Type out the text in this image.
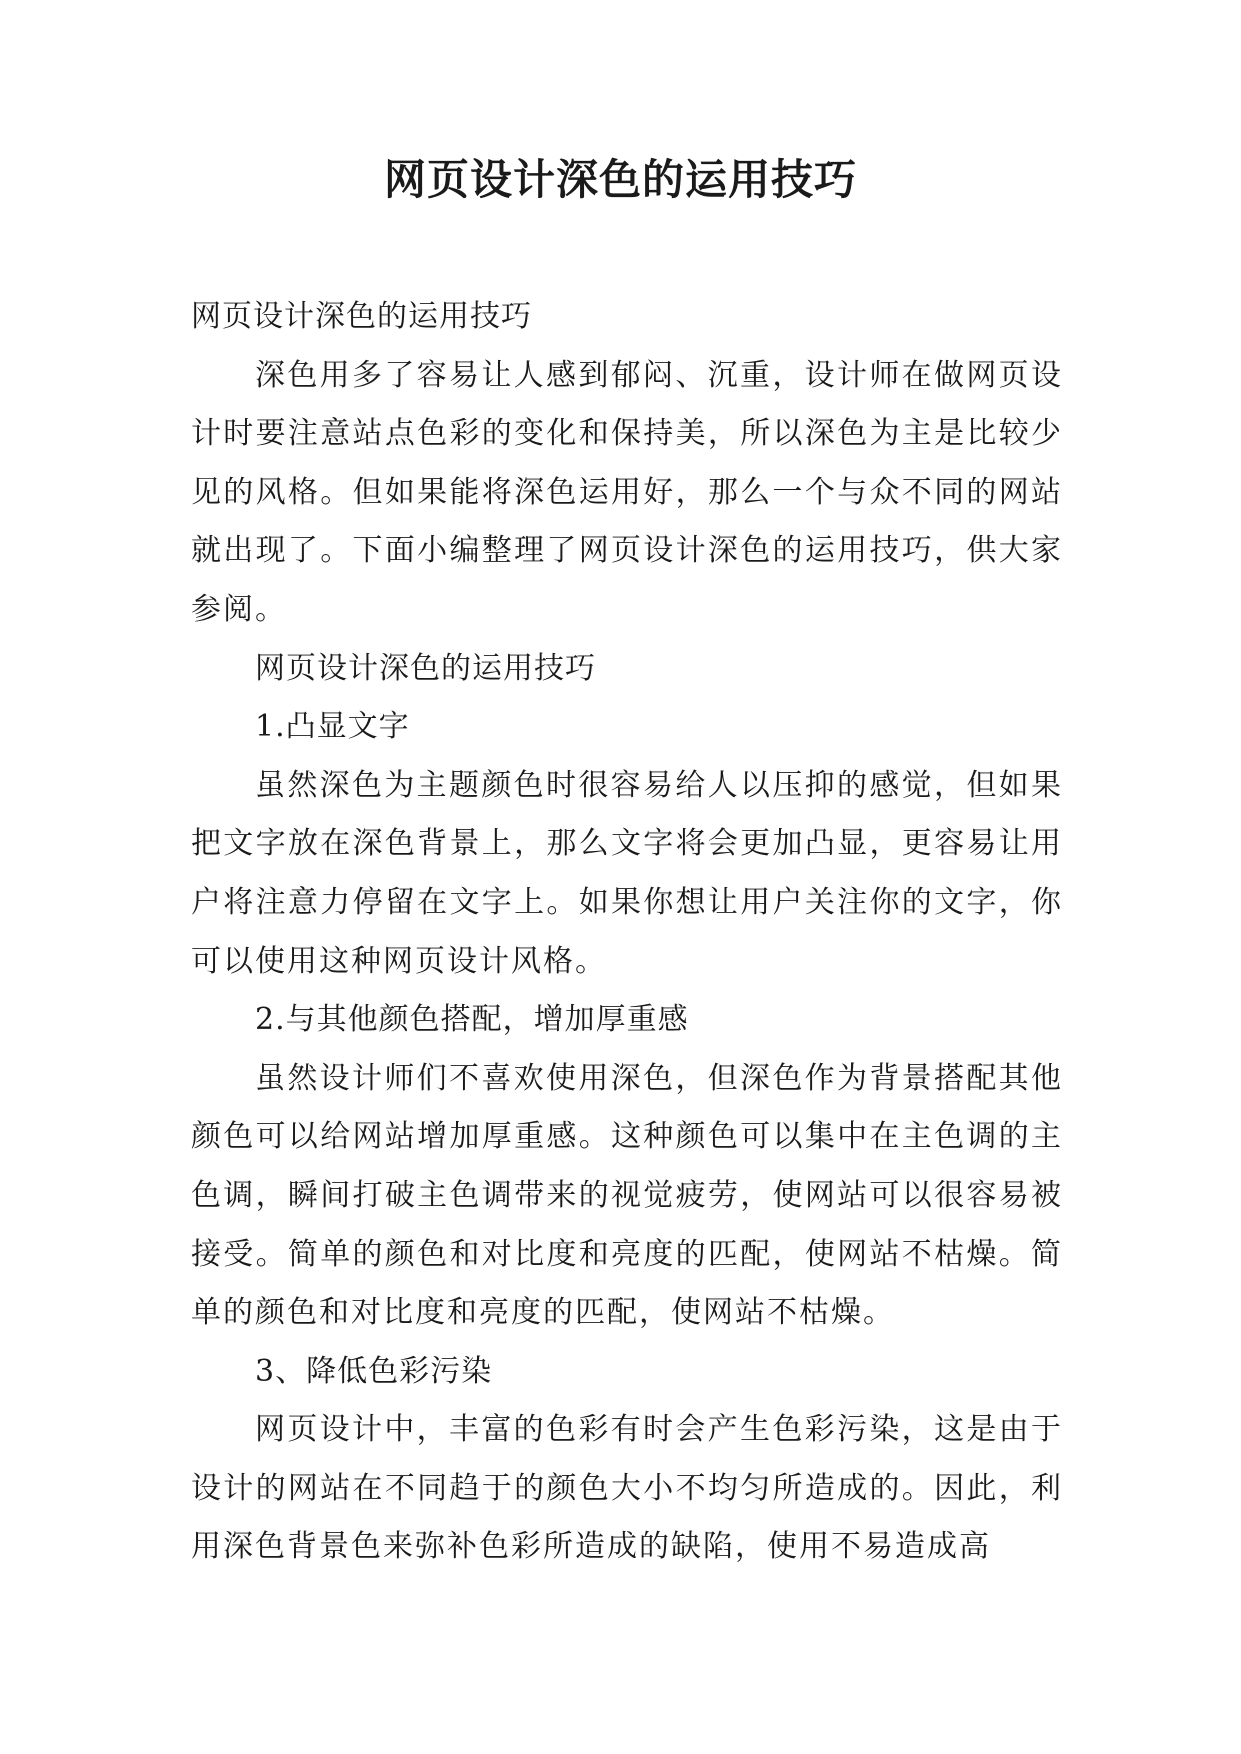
网页设计深色的运用技巧

网页设计深色的运用技巧

深色用多了容易让人感到郁闷、沉重，设计师在做网页设计时要注意站点色彩的变化和保持美，所以深色为主是比较少见的风格。但如果能将深色运用好，那么一个与众不同的网站就出现了。下面小编整理了网页设计深色的运用技巧，供大家参阅。

网页设计深色的运用技巧

1.凸显文字

虽然深色为主题颜色时很容易给人以压抑的感觉，但如果把文字放在深色背景上，那么文字将会更加凸显，更容易让用户将注意力停留在文字上。如果你想让用户关注你的文字，你可以使用这种网页设计风格。

2.与其他颜色搭配，增加厚重感

虽然设计师们不喜欢使用深色，但深色作为背景搭配其他颜色可以给网站增加厚重感。这种颜色可以集中在主色调的主色调，瞬间打破主色调带来的视觉疲劳，使网站可以很容易被接受。简单的颜色和对比度和亮度的匹配，使网站不枯燥。简单的颜色和对比度和亮度的匹配，使网站不枯燥。

3、降低色彩污染

网页设计中，丰富的色彩有时会产生色彩污染，这是由于设计的网站在不同趋于的颜色大小不均匀所造成的。因此，利用深色背景色来弥补色彩所造成的缺陷，使用不易造成高
